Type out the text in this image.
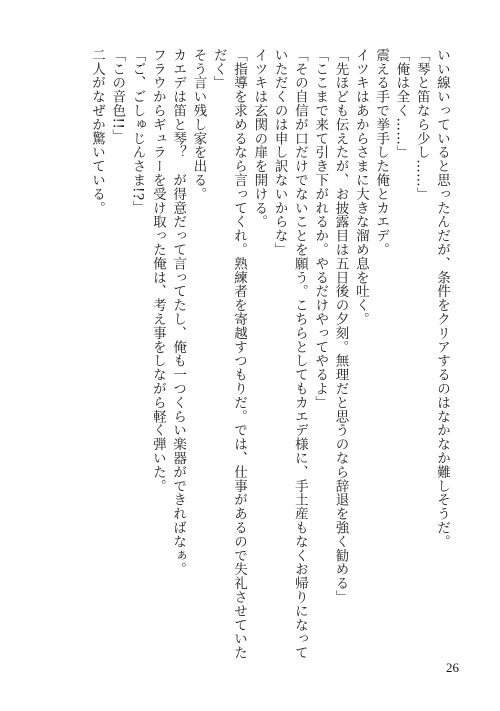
いい線いっていると思ったんだが、条件をクリアするのはなかなか難しそうだ。
「琴と笛なら少し……」
「俺は全く……」
震える手で挙手した俺とカエデ。
イツキはあからさまに大きな溜め息を吐く。
「先ほども伝えたが、お披露目は五日後の夕刻。無理だと思うのなら辞退を強く勧める」
「ここまで来て引き下がれるか。やるだけやってやるよ」
「その自信が口だけでないことを願う。こちらとしてもカエデ様に、手土産もなくお帰りになって
いただくのは申し訳ないからな」
イツキは玄関の扉を開ける。
「指導を求めるなら言ってくれ。熟練者を寄越すつもりだ。では、仕事があるので失礼させていた
だく」
そう言い残し家を出る。
カエデは笛と琴？　が得意だって言ってたし、俺も一つくらい楽器ができればなぁ。
フラウからギュラーを受け取った俺は、考え事をしながら軽く弾いた。
「ご、ごしゅじんさま!?」
「この音色!!」
二人がなぜか驚いている。
26
